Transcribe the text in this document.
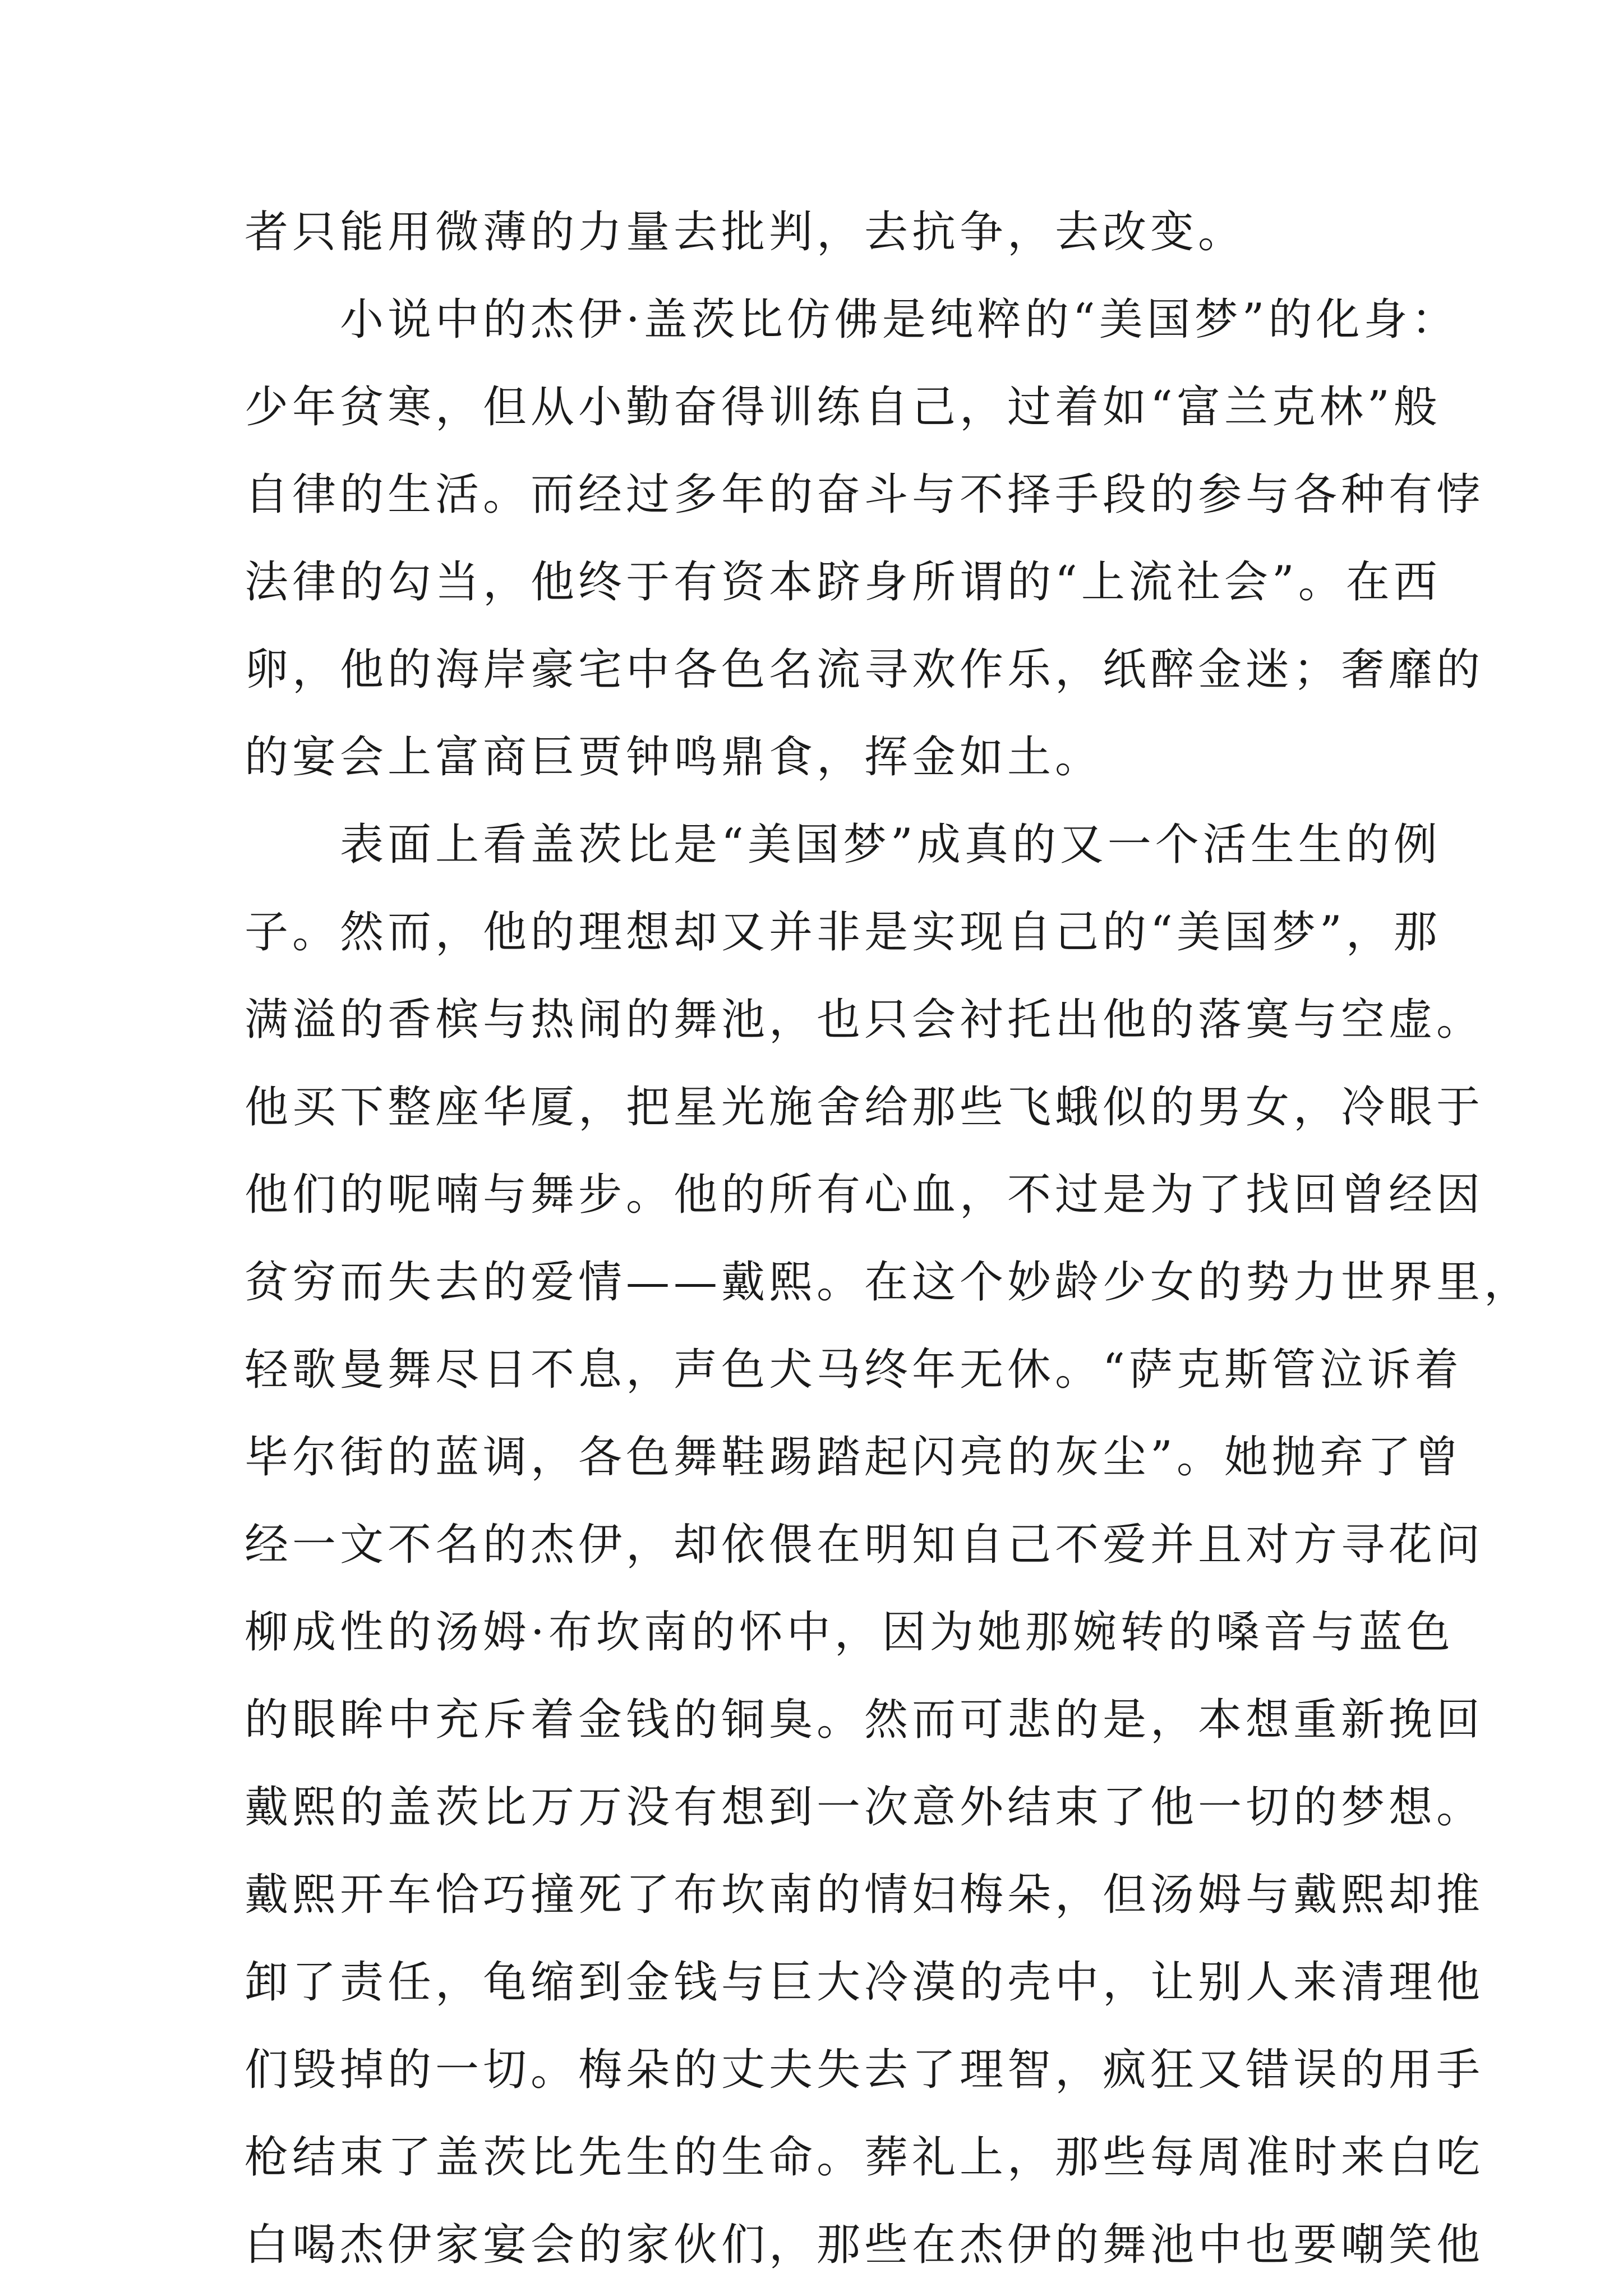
者只能用微薄的力量去批判，去抗争，去改变。
　　小说中的杰伊·盖茨比仿佛是纯粹的“美国梦”的化身：
少年贫寒，但从小勤奋得训练自己，过着如“富兰克林”般
自律的生活。而经过多年的奋斗与不择手段的参与各种有悖
法律的勾当，他终于有资本跻身所谓的“上流社会”。在西
卵，他的海岸豪宅中各色名流寻欢作乐，纸醉金迷；奢靡的
的宴会上富商巨贾钟鸣鼎食，挥金如土。
　　表面上看盖茨比是“美国梦”成真的又一个活生生的例
子。然而，他的理想却又并非是实现自己的“美国梦”，那
满溢的香槟与热闹的舞池，也只会衬托出他的落寞与空虚。
他买下整座华厦，把星光施舍给那些飞蛾似的男女，冷眼于
他们的呢喃与舞步。他的所有心血，不过是为了找回曾经因
贫穷而失去的爱情——戴熙。在这个妙龄少女的势力世界里，
轻歌曼舞尽日不息，声色犬马终年无休。“萨克斯管泣诉着
毕尔街的蓝调，各色舞鞋踢踏起闪亮的灰尘”。她抛弃了曾
经一文不名的杰伊，却依偎在明知自己不爱并且对方寻花问
柳成性的汤姆·布坎南的怀中，因为她那婉转的嗓音与蓝色
的眼眸中充斥着金钱的铜臭。然而可悲的是，本想重新挽回
戴熙的盖茨比万万没有想到一次意外结束了他一切的梦想。
戴熙开车恰巧撞死了布坎南的情妇梅朵，但汤姆与戴熙却推
卸了责任，龟缩到金钱与巨大冷漠的壳中，让别人来清理他
们毁掉的一切。梅朵的丈夫失去了理智，疯狂又错误的用手
枪结束了盖茨比先生的生命。葬礼上，那些每周准时来白吃
白喝杰伊家宴会的家伙们，那些在杰伊的舞池中也要嘲笑他
